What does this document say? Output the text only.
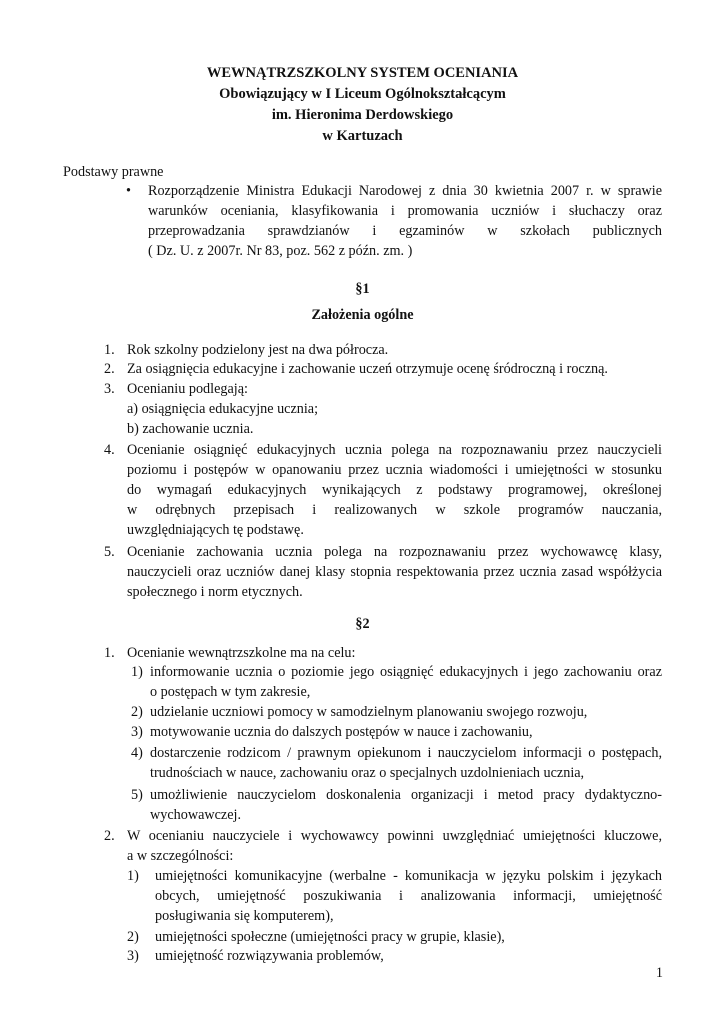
WEWNĄTRZSZKOLNY SYSTEM OCENIANIA
Obowiązujący w I Liceum Ogólnokształcącym
im. Hieronima Derdowskiego
w Kartuzach
Podstawy prawne
• Rozporządzenie Ministra Edukacji Narodowej z dnia 30 kwietnia 2007 r. w sprawie
warunków oceniania, klasyfikowania i promowania uczniów i słuchaczy oraz
przeprowadzania sprawdzianów i egzaminów w szkołach publicznych
( Dz. U. z 2007r. Nr 83, poz. 562 z późn. zm. )
§1
Założenia ogólne
1. Rok szkolny podzielony jest na dwa półrocza.
2. Za osiągnięcia edukacyjne i zachowanie uczeń otrzymuje ocenę śródroczną i roczną.
3. Ocenianiu podlegają:
a) osiągnięcia edukacyjne ucznia;
b) zachowanie ucznia.
4. Ocenianie osiągnięć edukacyjnych ucznia polega na rozpoznawaniu przez nauczycieli
poziomu i postępów w opanowaniu przez ucznia wiadomości i umiejętności w stosunku
do wymagań edukacyjnych wynikających z podstawy programowej, określonej
w odrębnych przepisach i realizowanych w szkole programów nauczania,
uwzględniających tę podstawę.
5. Ocenianie zachowania ucznia polega na rozpoznawaniu przez wychowawcę klasy,
nauczycieli oraz uczniów danej klasy stopnia respektowania przez ucznia zasad współżycia
społecznego i norm etycznych.
§2
1. Ocenianie wewnątrzszkolne ma na celu:
1) informowanie ucznia o poziomie jego osiągnięć edukacyjnych i jego zachowaniu oraz
o postępach w tym zakresie,
2) udzielanie uczniowi pomocy w samodzielnym planowaniu swojego rozwoju,
3) motywowanie ucznia do dalszych postępów w nauce i zachowaniu,
4) dostarczenie rodzicom / prawnym opiekunom i nauczycielom informacji o postępach,
trudnościach w nauce, zachowaniu oraz o specjalnych uzdolnieniach ucznia,
5) umożliwienie nauczycielom doskonalenia organizacji i metod pracy dydaktyczno-
wychowawczej.
2. W ocenianiu nauczyciele i wychowawcy powinni uwzględniać umiejętności kluczowe,
a w szczególności:
1) umiejętności komunikacyjne (werbalne - komunikacja w języku polskim i językach
obcych, umiejętność poszukiwania i analizowania informacji, umiejętność
posługiwania się komputerem),
2) umiejętności społeczne (umiejętności pracy w grupie, klasie),
3) umiejętność rozwiązywania problemów,
1
